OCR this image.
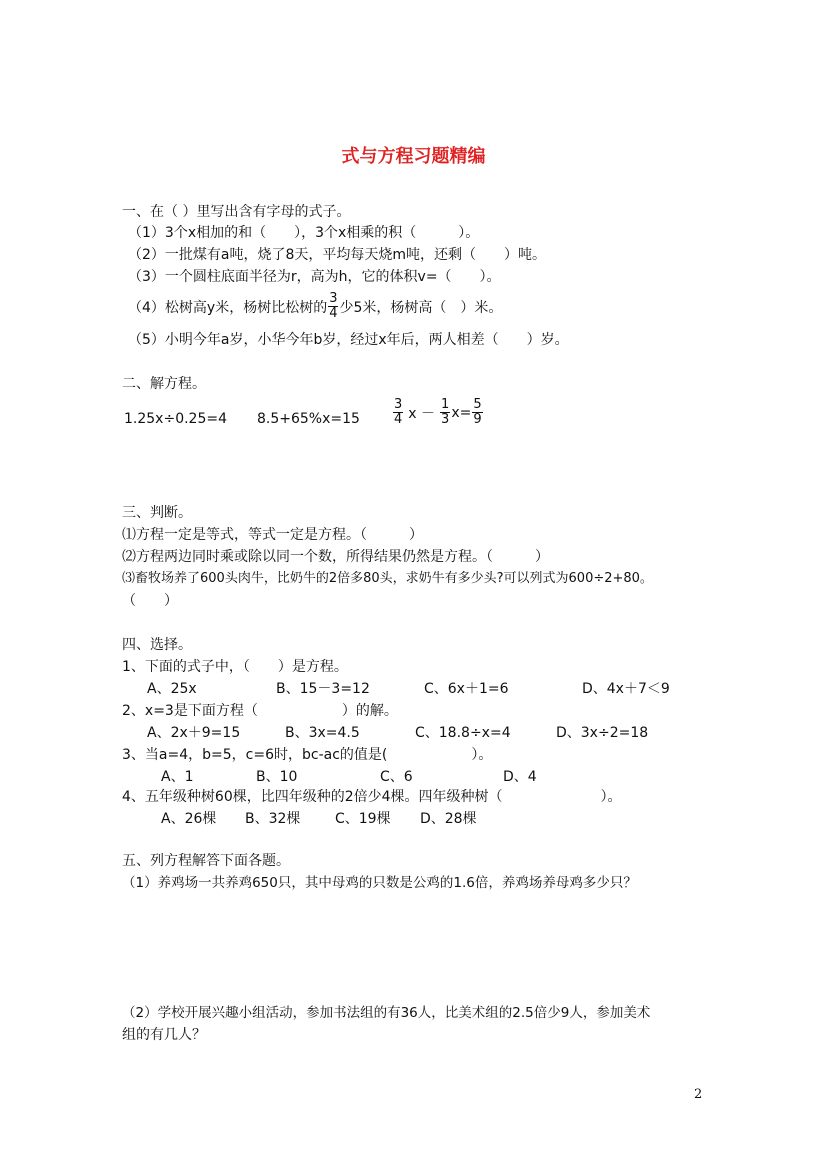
式与方程习题精编
一、在（ ）里写出含有字母的式子。
（1）3个x相加的和（　　），3个x相乘的积（　　　）。
（2）一批煤有a吨，烧了8天，平均每天烧m吨，还剩（　　）吨。
（3）一个圆柱底面半径为r，高为h，它的体积v=（　　）。
（4）松树高y米，杨树比松树的 $\frac{3}{4}$ 少5米，杨树高（　）米。
（5）小明今年a岁，小华今年b岁，经过x年后，两人相差（　　）岁。
二、解方程。
1.25x÷0.25=4 8.5+65%x=15	$\frac{3}{4}$ $x - \frac{1}{3} x= \frac{5}{9}$
三、判断。
⑴方程一定是等式，等式一定是方程。（　　　）
⑵方程两边同时乘或除以同一个数，所得结果仍然是方程。（　　　）
⑶畜牧场养了600头肉牛，比奶牛的2倍多80头，求奶牛有多少头?可以列式为600÷2+80。
（　　）
四、选择。
1、下面的式子中，（　　）是方程。
A、25x	B、15－3=12	C、6x＋1=6	D、4x＋7＜9
2、x=3是下面方程（　　　　　　）的解。
A、2x＋9=15	B、3x=4.5	C、18.8÷x=4	D、3x÷2=18
3、当a=4，b=5，c=6时，bc-ac的值是(　　　　　　）。
A、1	B、10	C、6	D、4
4、五年级种树60棵，比四年级种的2倍少4棵。四年级种树（　　　　　　　）。
A、26棵 B、32棵 C、19棵 D、28棵
五、列方程解答下面各题。
（1）养鸡场一共养鸡650只，其中母鸡的只数是公鸡的1.6倍，养鸡场养母鸡多少只？
（2）学校开展兴趣小组活动，参加书法组的有36人，比美术组的2.5倍少9人，参加美术
组的有几人？
2
